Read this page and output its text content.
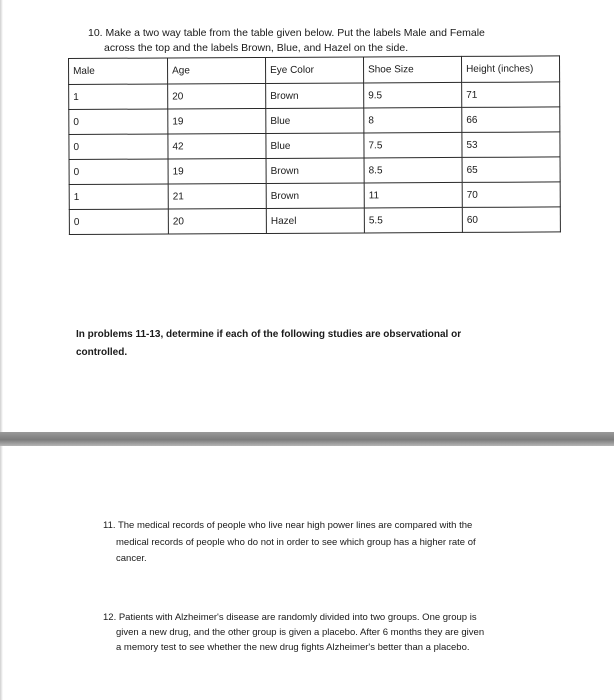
10. Make a two way table from the table given below. Put the labels Male and Female
across the top and the labels Brown, Blue, and Hazel on the side.
Male	Age	Eye Color	Shoe Size	Height (inches)
1	20	Brown	9.5	71
0	19	Blue	8	66
0	42	Blue	7.5	53
0	19	Brown	8.5	65
1	21	Brown	11	70
0	20	Hazel	5.5	60
In problems 11-13, determine if each of the following studies are observational or
controlled.
11. The medical records of people who live near high power lines are compared with the
medical records of people who do not in order to see which group has a higher rate of
cancer.
12. Patients with Alzheimer's disease are randomly divided into two groups. One group is
given a new drug, and the other group is given a placebo. After 6 months they are given
a memory test to see whether the new drug fights Alzheimer's better than a placebo.
